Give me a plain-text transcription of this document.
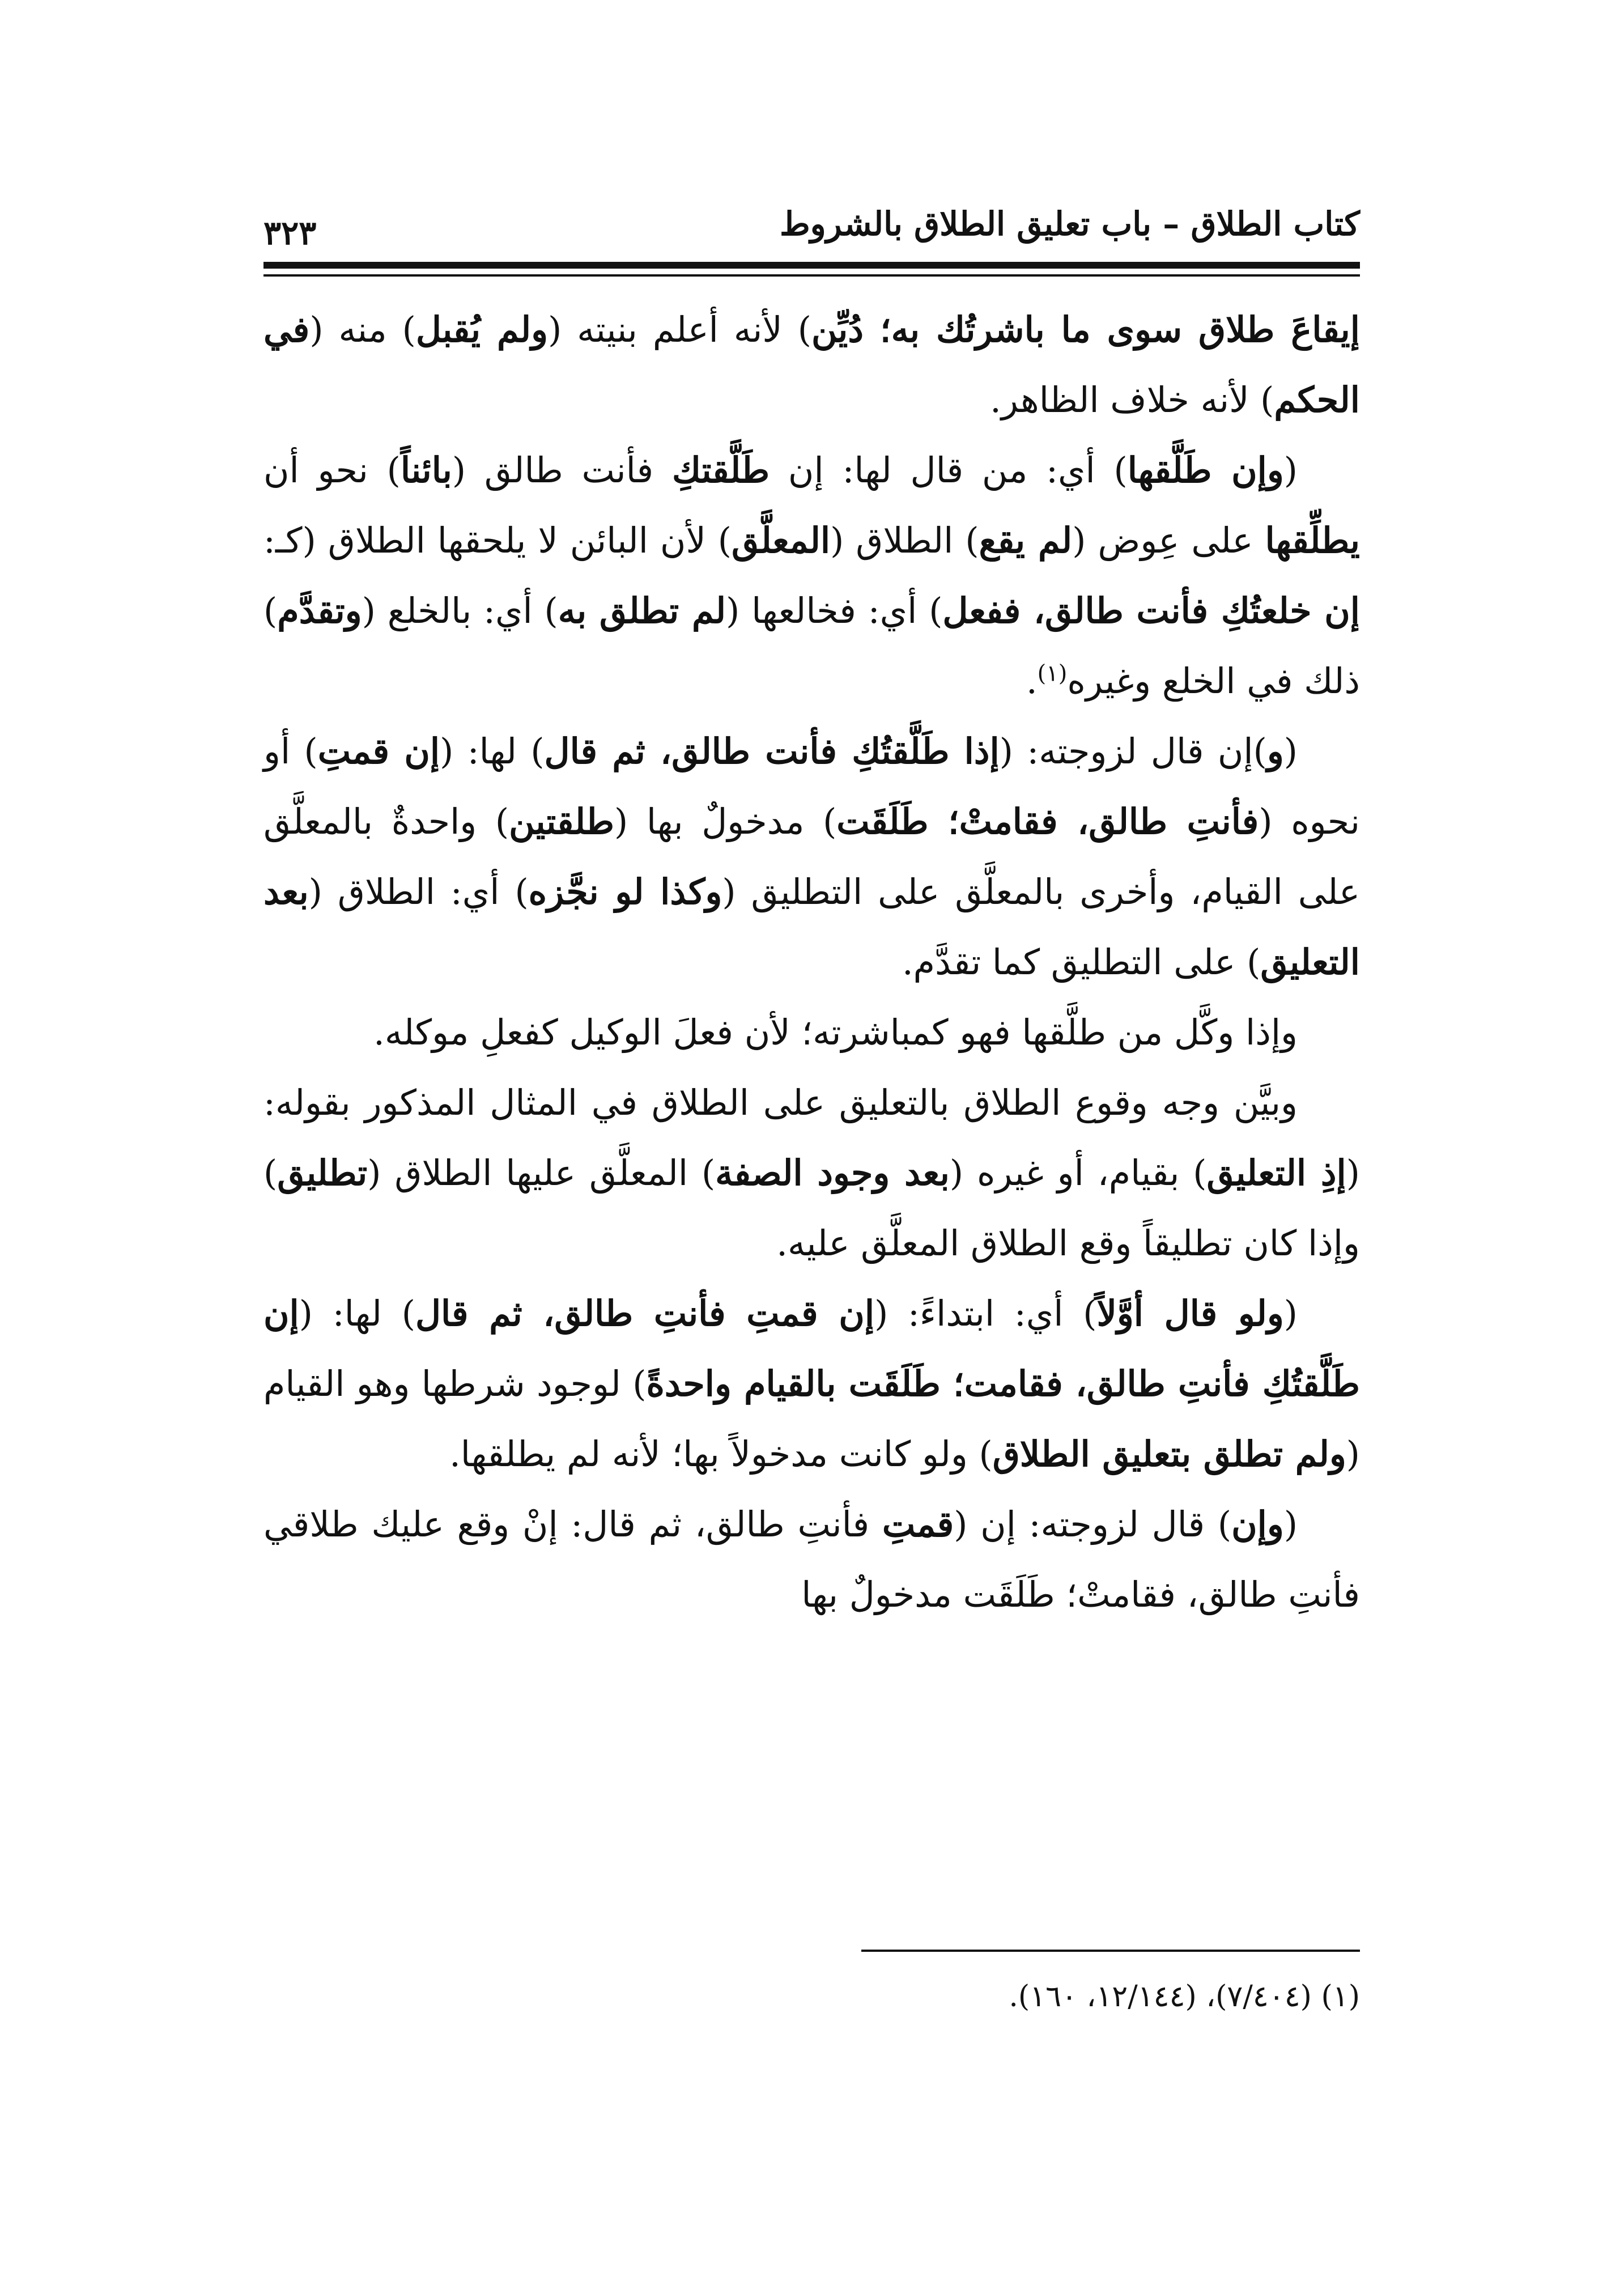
كتاب الطلاق – باب تعليق الطلاق بالشروط
٣٢٣

إيقاعَ طلاق سوى ما باشرتُك به؛ دُيِّن) لأنه أعلم بنيته (ولم يُقبل) منه (في الحكم) لأنه خلاف الظاهر.

(وإن طَلَّقها) أي: من قال لها: إن طَلَّقتكِ فأنت طالق (بائناً) نحو أن يطلِّقها على عِوض (لم يقع) الطلاق (المعلَّق) لأن البائن لا يلحقها الطلاق (كـ: إن خلعتُكِ فأنت طالق، ففعل) أي: فخالعها (لم تطلق به) أي: بالخلع (وتقدَّم) ذلك في الخلع وغيره$^{(١)}$.

(و)إن قال لزوجته: (إذا طَلَّقتُكِ فأنت طالق، ثم قال) لها: (إن قمتِ) أو نحوه (فأنتِ طالق، فقامتْ؛ طَلَقَت) مدخولٌ بها (طلقتين) واحدةٌ بالمعلَّق على القيام، وأخرى بالمعلَّق على التطليق (وكذا لو نجَّزه) أي: الطلاق (بعد التعليق) على التطليق كما تقدَّم.

وإذا وكَّل من طلَّقها فهو كمباشرته؛ لأن فعلَ الوكيل كفعلِ موكله.

وبيَّن وجه وقوع الطلاق بالتعليق على الطلاق في المثال المذكور بقوله: (إذِ التعليق) بقيام، أو غيره (بعد وجود الصفة) المعلَّق عليها الطلاق (تطليق) وإذا كان تطليقاً وقع الطلاق المعلَّق عليه.

(ولو قال أوَّلاً) أي: ابتداءً: (إن قمتِ فأنتِ طالق، ثم قال) لها: (إن طَلَّقتُكِ فأنتِ طالق، فقامت؛ طَلَقَت بالقيام واحدةً) لوجود شرطها وهو القيام (ولم تطلق بتعليق الطلاق) ولو كانت مدخولاً بها؛ لأنه لم يطلقها.

(وإن) قال لزوجته: إن (قمتِ فأنتِ طالق، ثم قال: إنْ وقع عليك طلاقي فأنتِ طالق، فقامتْ؛ طَلَقَت مدخولٌ بها

(١) (٧/٤٠٤)، (١٢/١٤٤، ١٦٠).
